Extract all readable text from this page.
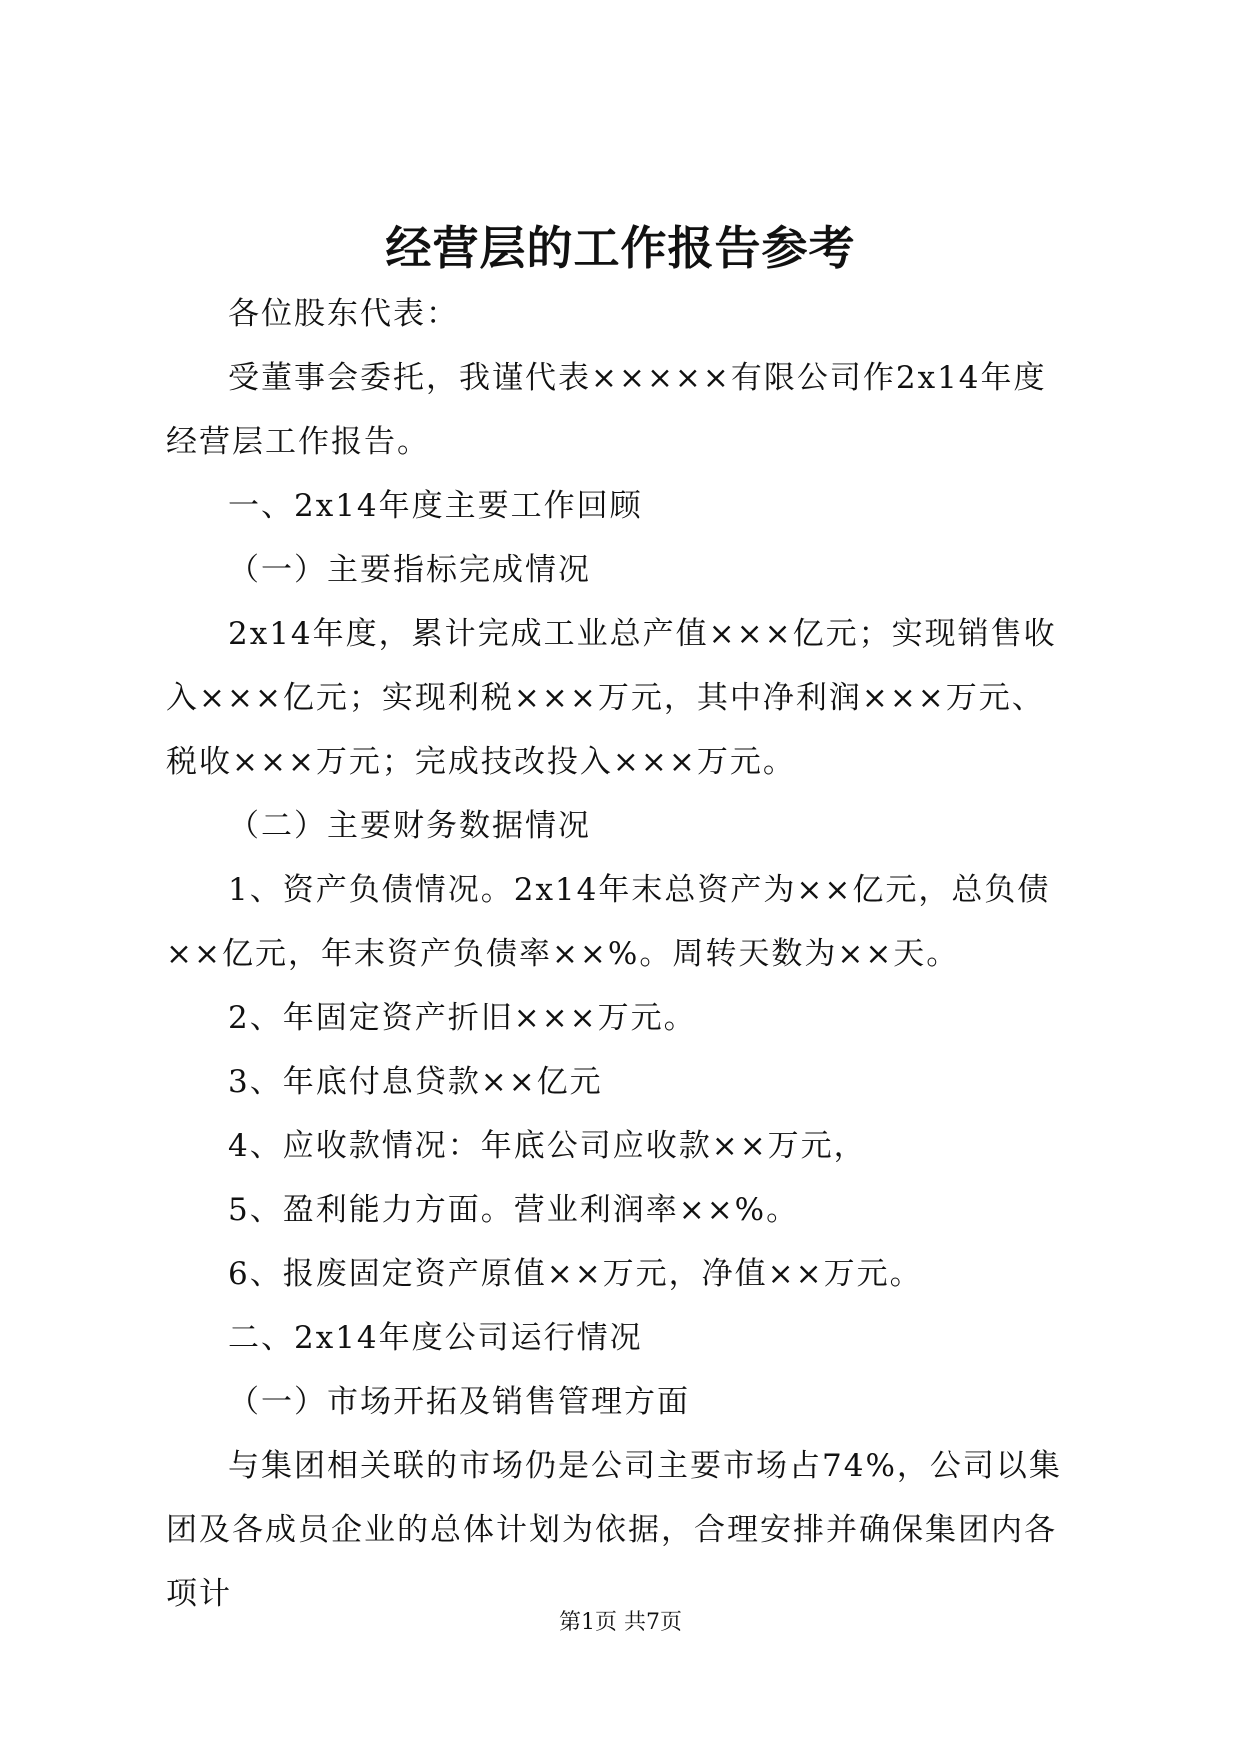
经营层的工作报告参考

各位股东代表：

受董事会委托，我谨代表×××××有限公司作2x14年度经营层工作报告。

一、2x14年度主要工作回顾

（一）主要指标完成情况

2x14年度，累计完成工业总产值×××亿元；实现销售收入×××亿元；实现利税×××万元，其中净利润×××万元、税收×××万元；完成技改投入×××万元。

（二）主要财务数据情况

1、资产负债情况。2x14年末总资产为××亿元，总负债××亿元，年末资产负债率××%。周转天数为××天。

2、年固定资产折旧×××万元。

3、年底付息贷款××亿元

4、应收款情况：年底公司应收款××万元，

5、盈利能力方面。营业利润率××%。

6、报废固定资产原值××万元，净值××万元。

二、2x14年度公司运行情况

（一）市场开拓及销售管理方面

与集团相关联的市场仍是公司主要市场占74%，公司以集团及各成员企业的总体计划为依据，合理安排并确保集团内各项计

第1页 共7页
